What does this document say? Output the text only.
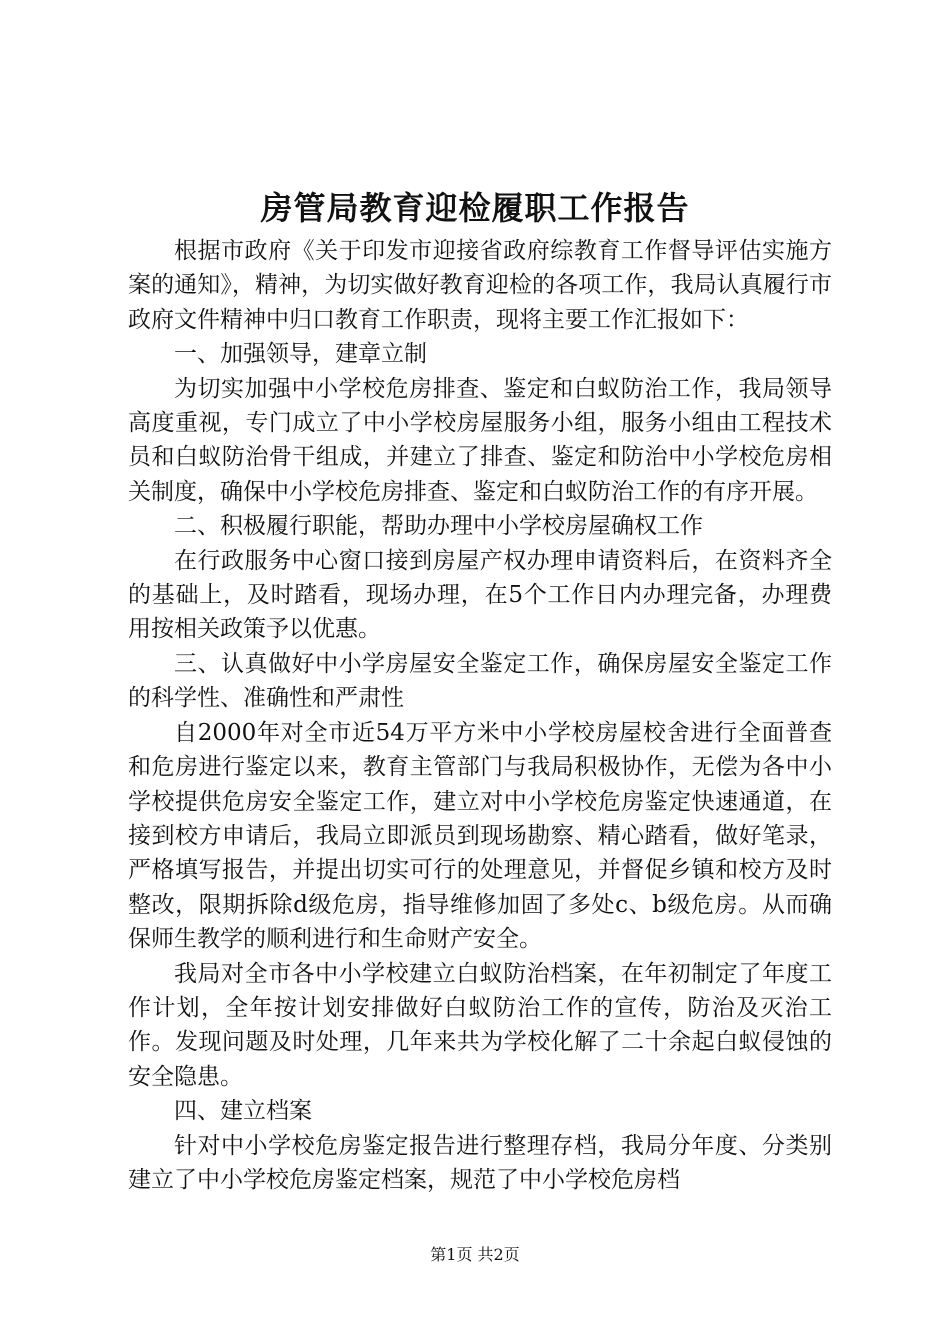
房管局教育迎检履职工作报告

根据市政府《关于印发市迎接省政府综教育工作督导评估实施方案的通知》，精神，为切实做好教育迎检的各项工作，我局认真履行市政府文件精神中归口教育工作职责，现将主要工作汇报如下：

一、加强领导，建章立制

为切实加强中小学校危房排查、鉴定和白蚁防治工作，我局领导高度重视，专门成立了中小学校房屋服务小组，服务小组由工程技术员和白蚁防治骨干组成，并建立了排查、鉴定和防治中小学校危房相关制度，确保中小学校危房排查、鉴定和白蚁防治工作的有序开展。

二、积极履行职能，帮助办理中小学校房屋确权工作

在行政服务中心窗口接到房屋产权办理申请资料后，在资料齐全的基础上，及时踏看，现场办理，在5个工作日内办理完备，办理费用按相关政策予以优惠。

三、认真做好中小学房屋安全鉴定工作，确保房屋安全鉴定工作的科学性、准确性和严肃性

自2000年对全市近54万平方米中小学校房屋校舍进行全面普查和危房进行鉴定以来，教育主管部门与我局积极协作，无偿为各中小学校提供危房安全鉴定工作，建立对中小学校危房鉴定快速通道，在接到校方申请后，我局立即派员到现场勘察、精心踏看，做好笔录，严格填写报告，并提出切实可行的处理意见，并督促乡镇和校方及时整改，限期拆除d级危房，指导维修加固了多处c、b级危房。从而确保师生教学的顺利进行和生命财产安全。

我局对全市各中小学校建立白蚁防治档案，在年初制定了年度工作计划，全年按计划安排做好白蚁防治工作的宣传，防治及灭治工作。发现问题及时处理，几年来共为学校化解了二十余起白蚁侵蚀的安全隐患。

四、建立档案

针对中小学校危房鉴定报告进行整理存档，我局分年度、分类别建立了中小学校危房鉴定档案，规范了中小学校危房档

第1页 共2页
